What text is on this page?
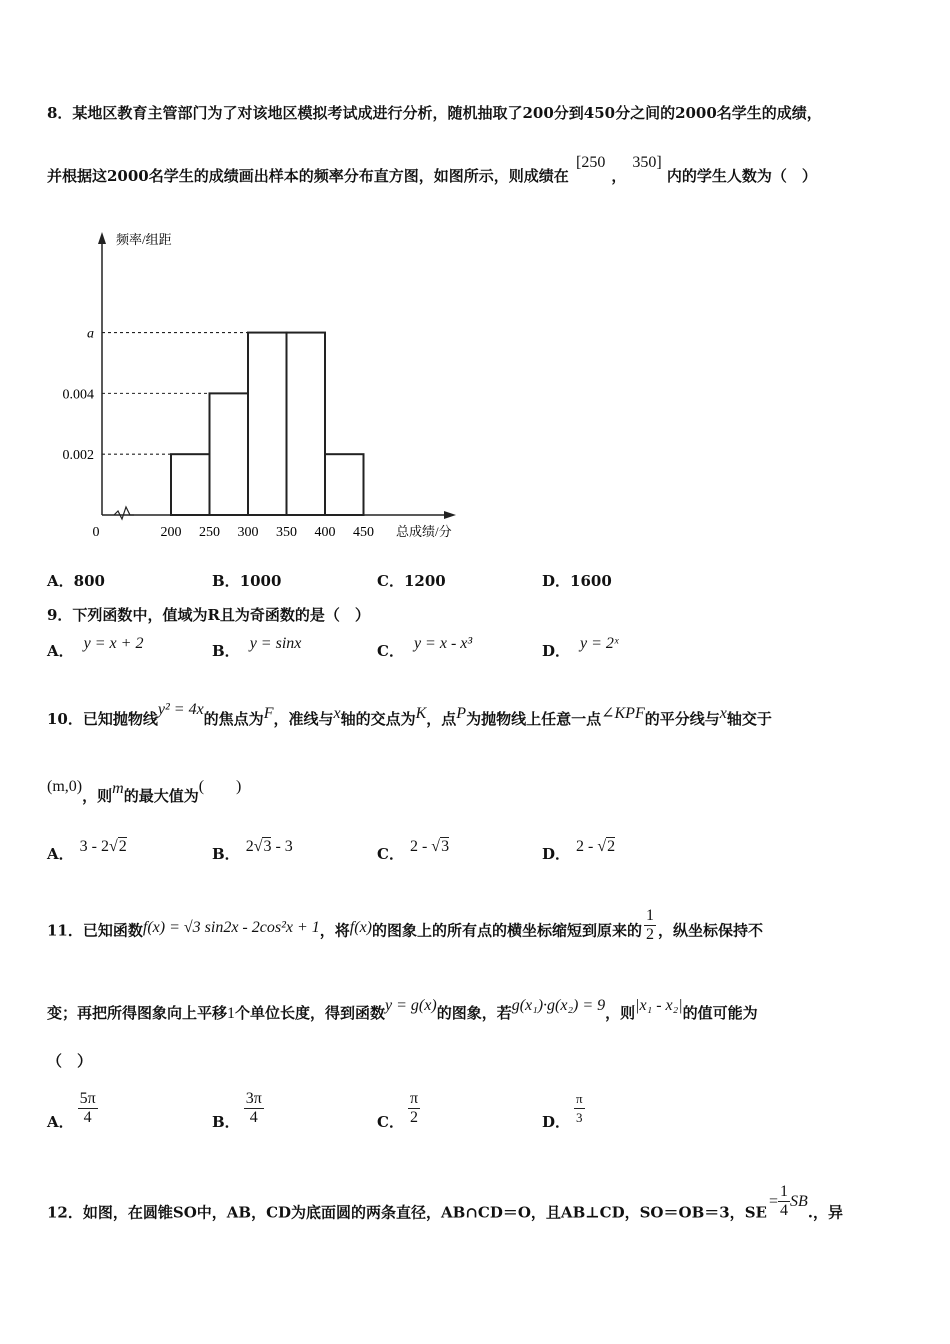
8．某地区教育主管部门为了对该地区模拟考试成进行分析，随机抽取了200分到450分之间的2000名学生的成绩，
并根据这2000名学生的成绩画出样本的频率分布直方图，如图所示，则成绩在 [250，350] 内的学生人数为（　）
频率/组距
总成绩/分
0	200 250 300 350 400 450
0.002
0.004
a
A．800	B．1000	C．1200	D．1600
9．下列函数中，值域为R且为奇函数的是（　）
A． y = x + 2	B． y = sinx	C． y = x - x³	D． y = 2ˣ
10．已知抛物线y² = 4x的焦点为F，准线与x轴的交点为K，点P为抛物线上任意一点∠KPF的平分线与x轴交于
(m,0)，则m的最大值为(　　)
A． 3 - 2√2	B． 2√3 - 3	C． 2 - √3	D． 2 - √2
11．已知函数f(x) = √3 sin2x - 2cos²x + 1，将f(x)的图象上的所有点的横坐标缩短到原来的 $\frac{1}{2}$ ，纵坐标保持不
变；再把所得图象向上平移1个单位长度，得到函数y = g(x)的图象，若g(x₁)·g(x₂) = 9，则|x₁ - x₂|的值可能为
（　）
A． $\frac{5\pi}{4}$	B． $\frac{3\pi}{4}$	C． $\frac{\pi}{2}$	D． $\frac{\pi}{3}$
12．如图，在圆锥SO中，AB，CD为底面圆的两条直径，AB∩CD＝O，且AB⊥CD，SO＝OB＝3，$SE= \frac{1}{4}$ SB.，异
